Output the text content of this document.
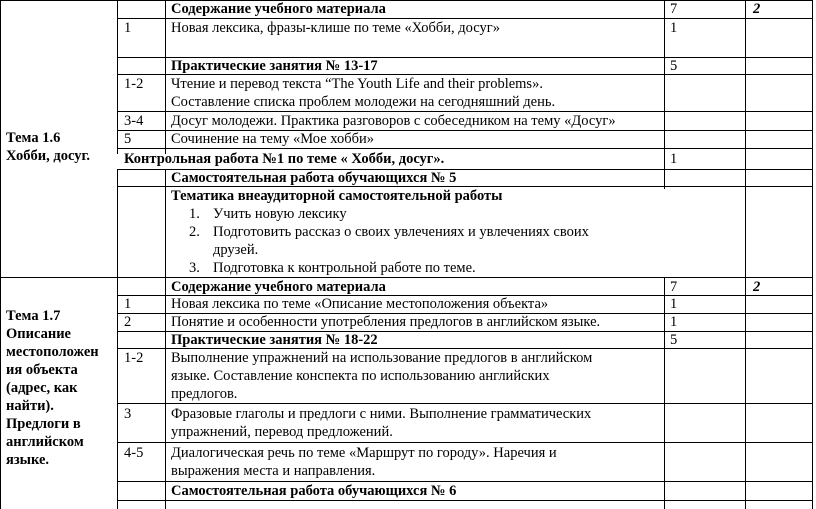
Тема 1.6
Хобби, досуг.
Содержание учебного материала	7	2
1	Новая лексика, фразы-клише по теме «Хобби, досуг»	1
Практические занятия № 13-17	5
1-2 Чтение и перевод текста “The Youth Life and their problems».
Составление списка проблем молодежи на сегодняшний день.
3-4 Досуг молодежи. Практика разговоров с собеседником на тему «Досуг»
5	Сочинение на тему «Мое хобби»
Контрольная работа №1 по теме « Хобби, досуг».	1
Самостоятельная работа обучающихся № 5
Тематика внеаудиторной самостоятельной работы
1. Учить новую лексику
2. Подготовить рассказ о своих увлечениях и увлечениях своих
друзей.
3. Подготовка к контрольной работе по теме.
Тема 1.7
Описание
местоположен
ия объекта
(адрес, как
найти).
Предлоги в
английском
языке.
Содержание учебного материала	7	2
1	Новая лексика по теме «Описание местоположения объекта»	1
2	Понятие и особенности употребления предлогов в английском языке.	1
Практические занятия № 18-22	5
1-2 Выполнение упражнений на использование предлогов в английском
языке. Составление конспекта по использованию английских
предлогов.
3	Фразовые глаголы и предлоги с ними. Выполнение грамматических
упражнений, перевод предложений.
4-5 Диалогическая речь по теме «Маршрут по городу». Наречия и
выражения места и направления.
Самостоятельная работа обучающихся № 6
